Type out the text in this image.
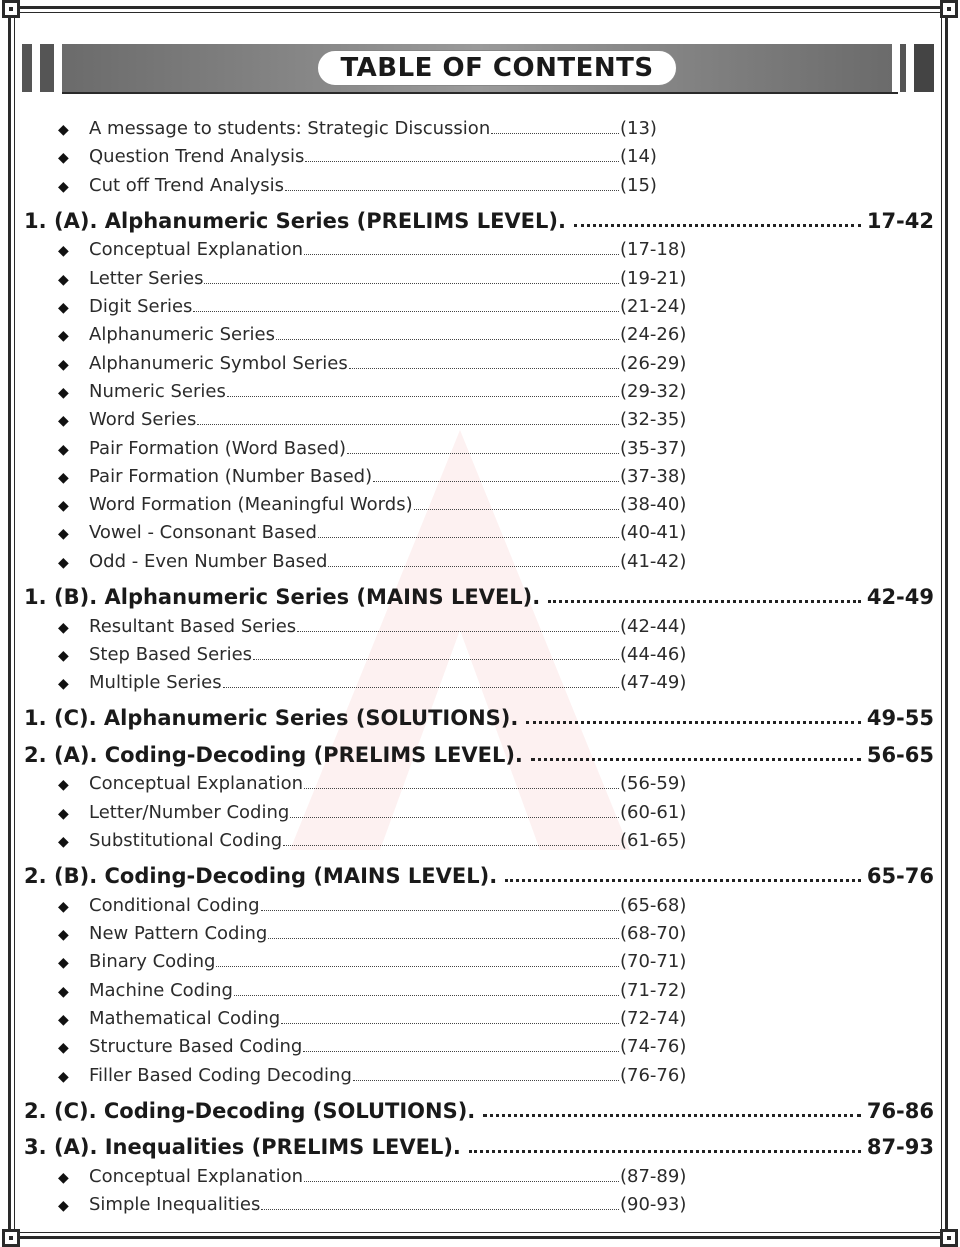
TABLE OF CONTENTS
◆	A message to students: Strategic Discussion	(13)
◆	Question Trend Analysis	(14)
◆	Cut off Trend Analysis	(15)
1. (A) . Alphanumeric Series (PRELIMS LEVEL).	17-42
◆	Conceptual Explanation	(17-18)
◆	Letter Series	(19-21)
◆	Digit Series	(21-24)
◆	Alphanumeric Series	(24-26)
◆	Alphanumeric Symbol Series	(26-29)
◆	Numeric Series	(29-32)
◆	Word Series	(32-35)
◆	Pair Formation (Word Based)	(35-37)
◆	Pair Formation (Number Based)	(37-38)
◆	Word Formation (Meaningful Words)	(38-40)
◆	Vowel - Consonant Based	(40-41)
◆	Odd - Even Number Based	(41-42)
1. (B) . Alphanumeric Series (MAINS LEVEL).	42-49
◆	Resultant Based Series	(42-44)
◆	Step Based Series	(44-46)
◆	Multiple Series	(47-49)
1. (C) . Alphanumeric Series (SOLUTIONS).	49-55
2. (A) . Coding-Decoding (PRELIMS LEVEL).	56-65
◆	Conceptual Explanation	(56-59)
◆	Letter/Number Coding	(60-61)
◆	Substitutional Coding	(61-65)
2. (B) . Coding-Decoding (MAINS LEVEL).	65-76
◆	Conditional Coding	(65-68)
◆	New Pattern Coding	(68-70)
◆	Binary Coding	(70-71)
◆	Machine Coding	(71-72)
◆	Mathematical Coding	(72-74)
◆	Structure Based Coding	(74-76)
◆	Filler Based Coding Decoding	(76-76)
2. (C) . Coding-Decoding (SOLUTIONS).	76-86
3. (A) . Inequalities (PRELIMS LEVEL).	87-93
◆	Conceptual Explanation	(87-89)
◆	Simple Inequalities	(90-93)
